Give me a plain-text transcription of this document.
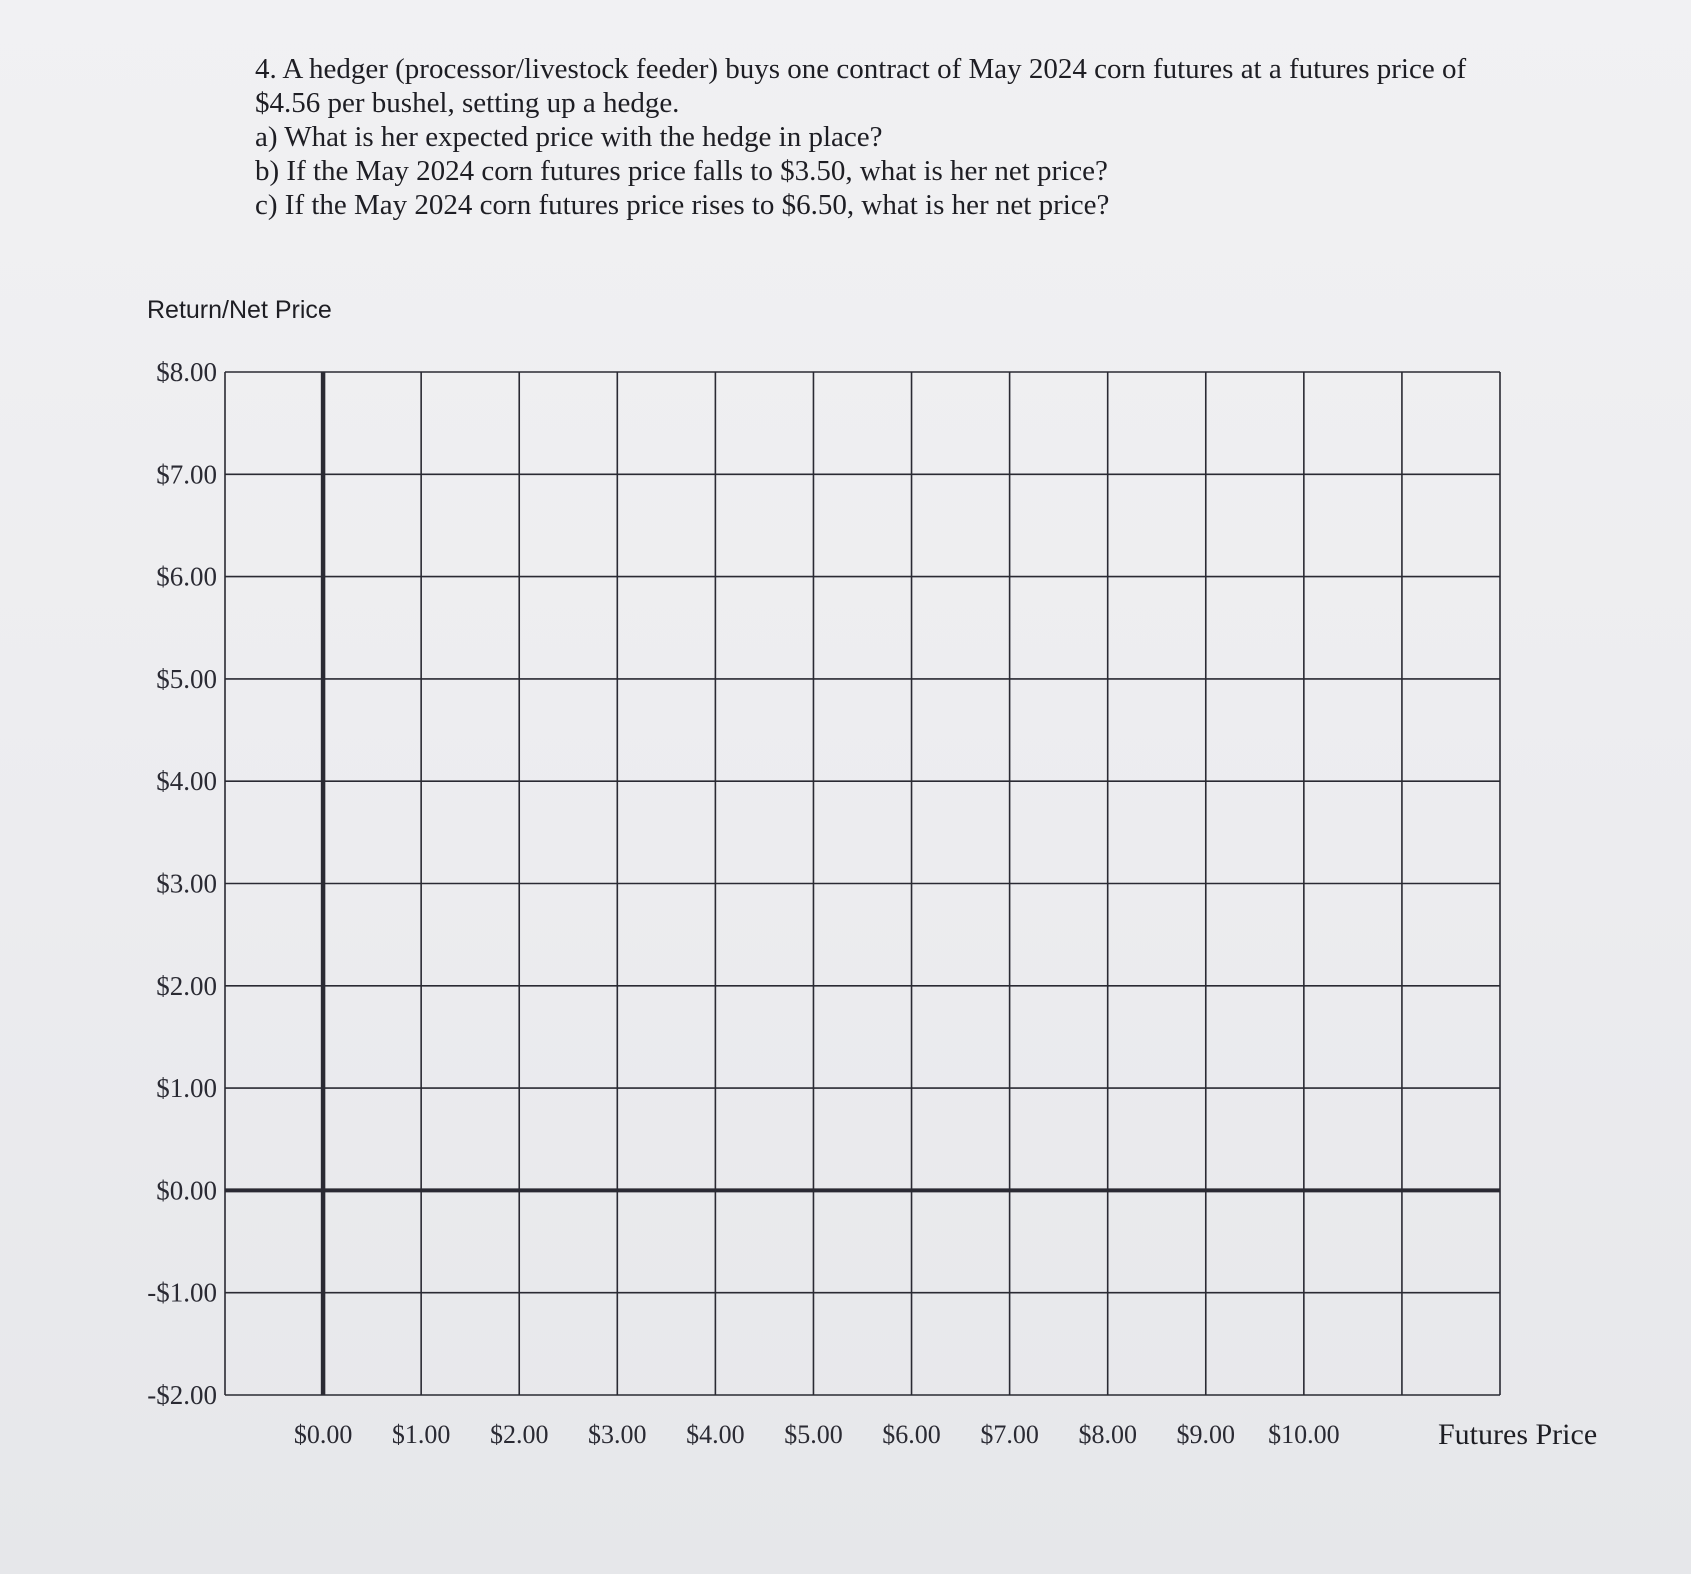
4. A hedger (processor/livestock feeder) buys one contract of May 2024 corn futures at a futures price of $4.56 per bushel, setting up a hedge.

a) What is her expected price with the hedge in place?
b) If the May 2024 corn futures price falls to $3.50, what is her net price?
c) If the May 2024 corn futures price rises to $6.50, what is her net price?
Return/Net Price
$8.00
$7.00
$6.00
$5.00
$4.00
$3.00
$2.00
$1.00
$0.00
-$1.00
-$2.00
$0.00 $1.00 $2.00 $3.00 $4.00 $5.00 $6.00 $7.00 $8.00 $9.00 $10.00	Futures Price
